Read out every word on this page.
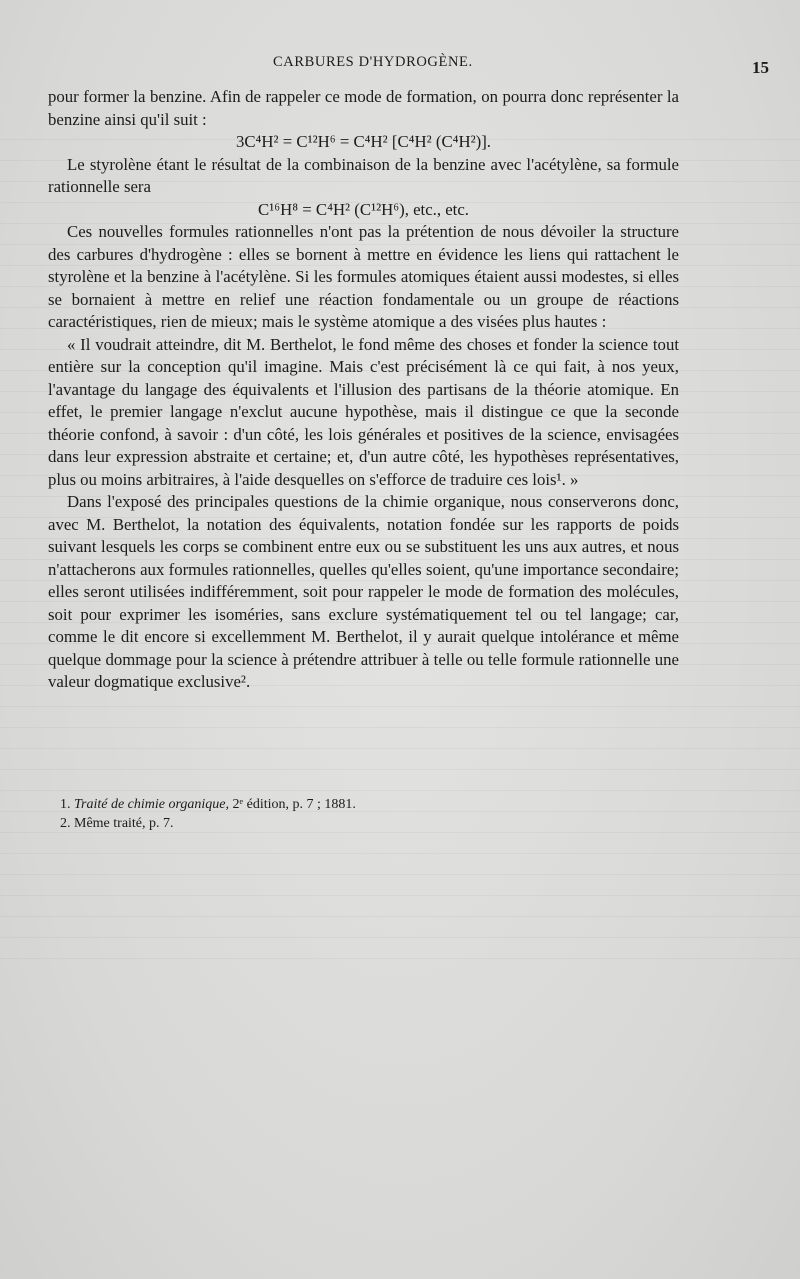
CARBURES D'HYDROGÈNE.	15

pour former la benzine. Afin de rappeler ce mode de formation, on pourra donc représenter la benzine ainsi qu'il suit :

3C⁴H² = C¹²H⁶ = C⁴H² [C⁴H² (C⁴H²)].

Le styrolène étant le résultat de la combinaison de la benzine avec l'acétylène, sa formule rationnelle sera

C¹⁶H⁸ = C⁴H² (C¹²H⁶), etc., etc.

Ces nouvelles formules rationnelles n'ont pas la prétention de nous dévoiler la structure des carbures d'hydrogène : elles se bornent à mettre en évidence les liens qui rattachent le styrolène et la benzine à l'acétylène. Si les formules atomiques étaient aussi modestes, si elles se bornaient à mettre en relief une réaction fondamentale ou un groupe de réactions caractéristiques, rien de mieux; mais le système atomique a des visées plus hautes :

« Il voudrait atteindre, dit M. Berthelot, le fond même des choses et fonder la science tout entière sur la conception qu'il imagine. Mais c'est précisément là ce qui fait, à nos yeux, l'avantage du langage des équivalents et l'illusion des partisans de la théorie atomique. En effet, le premier langage n'exclut aucune hypothèse, mais il distingue ce que la seconde théorie confond, à savoir : d'un côté, les lois générales et positives de la science, envisagées dans leur expression abstraite et certaine; et, d'un autre côté, les hypothèses représentatives, plus ou moins arbitraires, à l'aide desquelles on s'efforce de traduire ces lois¹. »

Dans l'exposé des principales questions de la chimie organique, nous conserverons donc, avec M. Berthelot, la notation des équivalents, notation fondée sur les rapports de poids suivant lesquels les corps se combinent entre eux ou se substituent les uns aux autres, et nous n'attacherons aux formules rationnelles, quelles qu'elles soient, qu'une importance secondaire; elles seront utilisées indifféremment, soit pour rappeler le mode de formation des molécules, soit pour exprimer les isoméries, sans exclure systématiquement tel ou tel langage; car, comme le dit encore si excellemment M. Berthelot, il y aurait quelque intolérance et même quelque dommage pour la science à prétendre attribuer à telle ou telle formule rationnelle une valeur dogmatique exclusive².

1. Traité de chimie organique, 2ᵉ édition, p. 7 ; 1881.

2. Même traité, p. 7.
